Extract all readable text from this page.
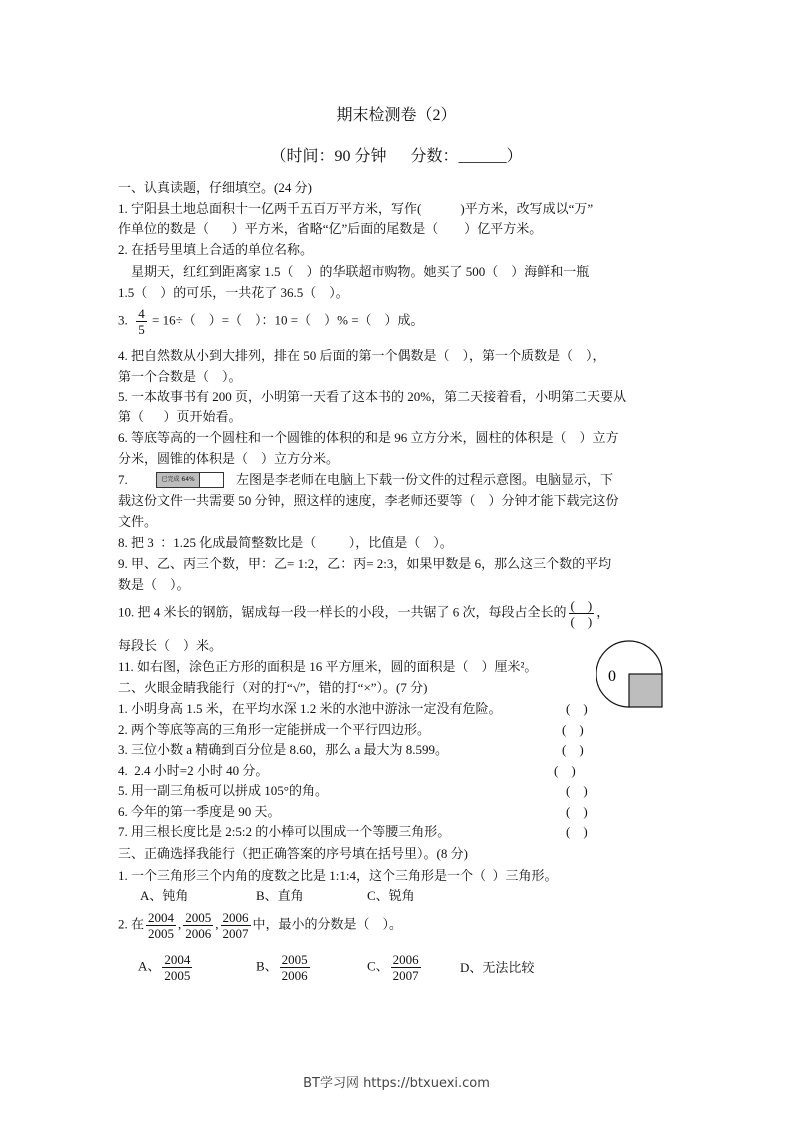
期末检测卷（2）
（时间：90 分钟      分数：______）
一、认真读题，仔细填空。(24 分)
1. 宁阳县土地总面积十一亿两千五百万平方米，写作(            )平方米，改写成以“万”
作单位的数是（       ）平方米，省略“亿”后面的尾数是（        ）亿平方米。
2. 在括号里填上合适的单位名称。
星期天，红红到距离家 1.5（    ）的华联超市购物。她买了 500（    ）海鲜和一瓶
1.5（    ）的可乐，一共花了 36.5（    ）。
3. $\frac{4}{5} = 16\div$（    ）=（    ）：10 =（    ）% =（    ）成。
4. 把自然数从小到大排列，排在 50 后面的第一个偶数是（    ），第一个质数是（    ），
第一个合数是（    ）。
5. 一本故事书有 200 页，小明第一天看了这本书的 20%，第二天接着看，小明第二天要从
第（      ）页开始看。
6. 等底等高的一个圆柱和一个圆锥的体积的和是 96 立方分米，圆柱的体积是（    ）立方
分米，圆锥的体积是（    ）立方分米。
7.	已完成 64%	左图是李老师在电脑上下载一份文件的过程示意图。电脑显示，下
载这份文件一共需要 50 分钟，照这样的速度，李老师还要等（    ）分钟才能下载完这份
文件。
8. 把 3  ：1.25 化成最简整数比是（          ），比值是（    ）。
9. 甲、乙、丙三个数，甲：乙= 1:2，乙：丙= 2:3，如果甲数是 6，那么这三个数的平均
数是（    ）。
10. 把 4 米长的钢筋，锯成每一段一样长的小段，一共锯了 6 次，每段占全长的 $\frac{( )}{( )}$ ，
每段长（    ）米。
11. 如右图，涂色正方形的面积是 16 平方厘米，圆的面积是（    ）厘米²。
0
二、火眼金睛我能行（对的打“√”，错的打“×”）。(7 分)
1. 小明身高 1.5 米，在平均水深 1.2 米的水池中游泳一定没有危险。	(    )
2. 两个等底等高的三角形一定能拼成一个平行四边形。	(    )
3. 三位小数 a 精确到百分位是 8.60，那么 a 最大为 8.599。	(    )
4.  2.4 小时=2 小时 40 分。	(    )
5. 用一副三角板可以拼成 105°的角。	(    )
6. 今年的第一季度是 90 天。	(    )
7. 用三根长度比是 2:5:2 的小棒可以围成一个等腰三角形。	(    )
三、正确选择我能行（把正确答案的序号填在括号里）。(8 分)
1. 一个三角形三个内角的度数之比是 1:1:4，这个三角形是一个（  ）三角形。
A、钝角	B、直角	C、锐角
2. 在 $\frac{2004}{2005}$ , $\frac{2005}{2006}$ , $\frac{2006}{2007}$ 中，最小的分数是（    ）。
A、 $\frac{2004}{2005}$	B、 $\frac{2005}{2006}$	C、 $\frac{2006}{2007}$	D、无法比较
BT学习网 https://btxuexi.com
